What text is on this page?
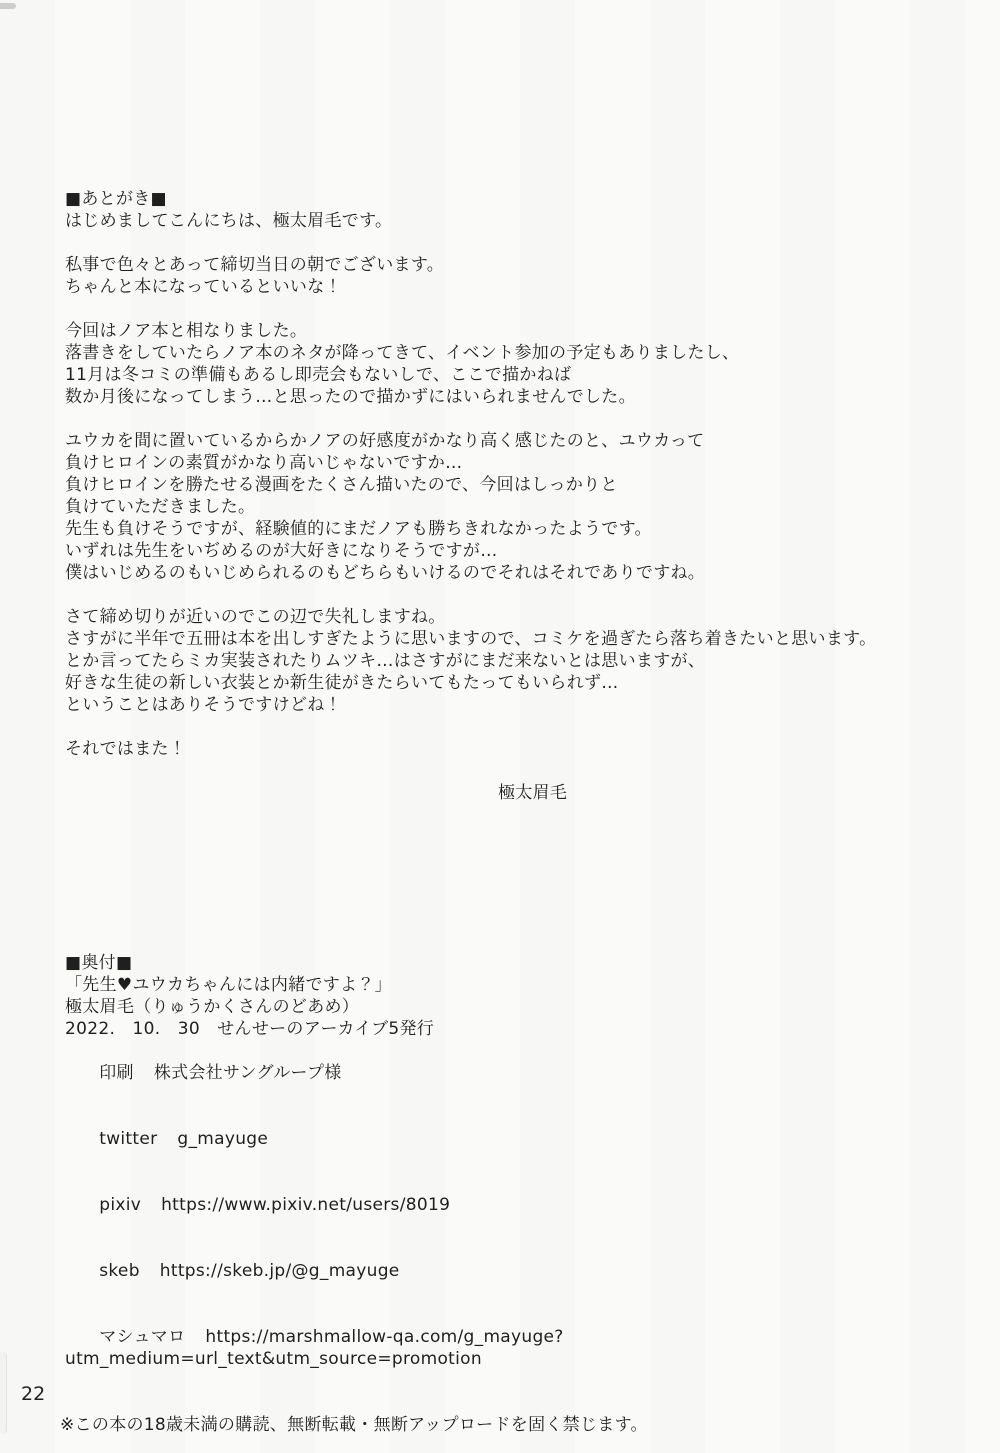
■あとがき■
はじめましてこんにちは、極太眉毛です。
私事で色々とあって締切当日の朝でございます。
ちゃんと本になっているといいな！
今回はノア本と相なりました。
落書きをしていたらノア本のネタが降ってきて、イベント参加の予定もありましたし、
11月は冬コミの準備もあるし即売会もないしで、ここで描かねば
数か月後になってしまう…と思ったので描かずにはいられませんでした。
ユウカを間に置いているからかノアの好感度がかなり高く感じたのと、ユウカって
負けヒロインの素質がかなり高いじゃないですか…
負けヒロインを勝たせる漫画をたくさん描いたので、今回はしっかりと
負けていただきました。
先生も負けそうですが、経験値的にまだノアも勝ちきれなかったようです。
いずれは先生をいぢめるのが大好きになりそうですが…
僕はいじめるのもいじめられるのもどちらもいけるのでそれはそれでありですね。
さて締め切りが近いのでこの辺で失礼しますね。
さすがに半年で五冊は本を出しすぎたように思いますので、コミケを過ぎたら落ち着きたいと思います。
とか言ってたらミカ実装されたりムツキ…はさすがにまだ来ないとは思いますが、
好きな生徒の新しい衣装とか新生徒がきたらいてもたってもいられず…
ということはありそうですけどね！
それではまた！
極太眉毛
■奥付■
「先生♥ユウカちゃんには内緒ですよ？」
極太眉毛（りゅうかくさんのどあめ）
2022.　10.　30　せんせーのアーカイブ5発行

印刷 株式会社サングループ様

twitter g_mayuge

pixiv https://www.pixiv.net/users/8019

skeb https://skeb.jp/@g_mayuge

マシュマロ https://marshmallow-qa.com/g_mayuge?utm_medium=url_text&utm_source=promotion

※この本の18歳未満の購読、無断転載・無断アップロードを固く禁じます。
22
